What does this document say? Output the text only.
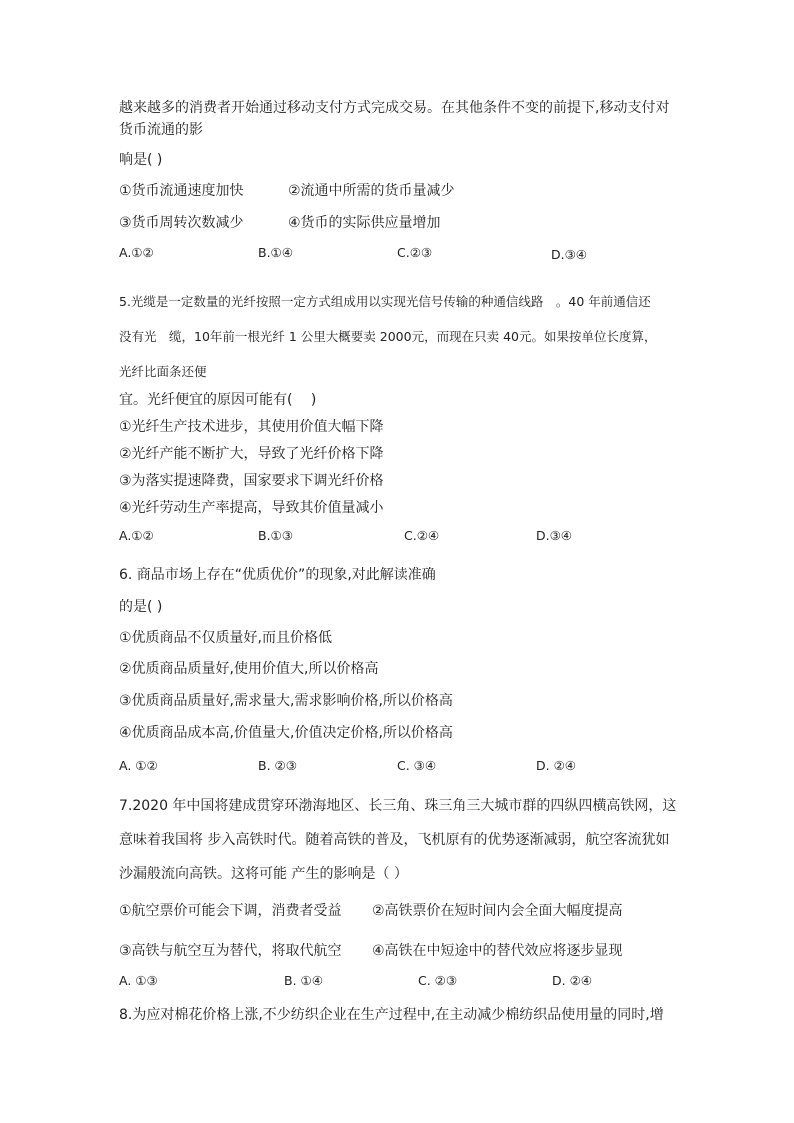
越来越多的消费者开始通过移动支付方式完成交易。在其他条件不变的前提下,移动支付对
货币流通的影
响是( )
①货币流通速度加快	②流通中所需的货币量减少
③货币周转次数减少	④货币的实际供应量增加
A.①②	B.①④	C.②③	D.③④
5.光缆是一定数量的光纤按照一定方式组成用以实现光信号传输的种通信线路　。40 年前通信还
没有光　缆，10年前一根光纤 1 公里大概要卖 2000元，而现在只卖 40元。如果按单位长度算，
光纤比面条还便
宜。光纤便宜的原因可能有(　 )
①光纤生产技术进步，其使用价值大幅下降
②光纤产能不断扩大，导致了光纤价格下降
③为落实提速降费，国家要求下调光纤价格
④光纤劳动生产率提高，导致其价值量减小
A.①②	B.①③	C.②④	D.③④
6. 商品市场上存在“优质优价”的现象,对此解读准确
的是( )
①优质商品不仅质量好,而且价格低
②优质商品质量好,使用价值大,所以价格高
③优质商品质量好,需求量大,需求影响价格,所以价格高
④优质商品成本高,价值量大,价值决定价格,所以价格高
A. ①②	B. ②③	C. ③④	D. ②④
7.2020 年中国将建成贯穿环渤海地区、长三角、珠三角三大城市群的四纵四横高铁网，这
意味着我国将 步入高铁时代。随着高铁的普及，飞机原有的优势逐渐减弱，航空客流犹如
沙漏般流向高铁。这将可能 产生的影响是（ ）
①航空票价可能会下调，消费者受益 ②高铁票价在短时间内会全面大幅度提高
③高铁与航空互为替代，将取代航空 ④高铁在中短途中的替代效应将逐步显现
A. ①③	B. ①④	C. ②③	D. ②④
8.为应对棉花价格上涨,不少纺织企业在生产过程中,在主动减少棉纺织品使用量的同时,增
